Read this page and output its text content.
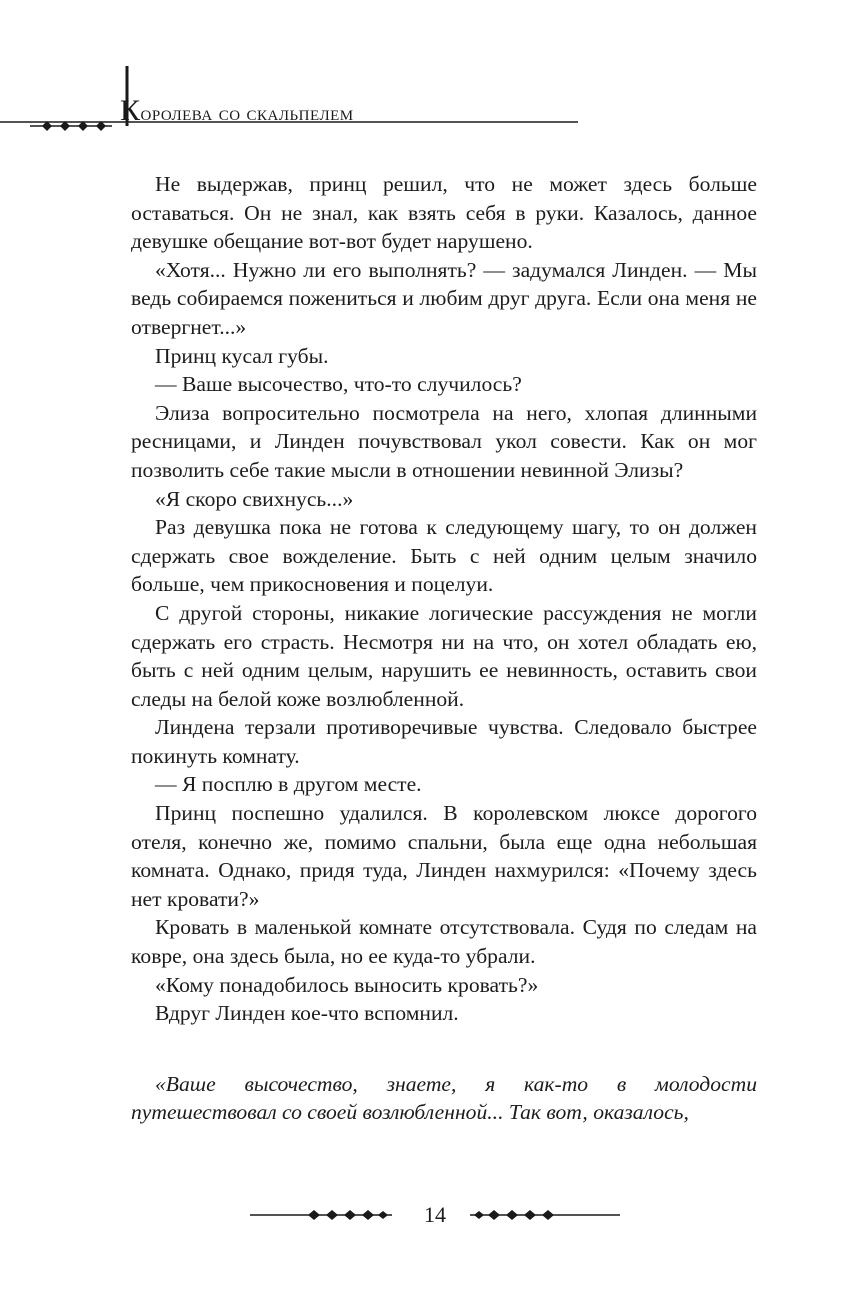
Королева со скальпелем

Не выдержав, принц решил, что не может здесь больше оставаться. Он не знал, как взять себя в руки. Казалось, данное девушке обещание вот-вот будет нарушено.

«Хотя... Нужно ли его выполнять? — задумался Линден. — Мы ведь собираемся пожениться и любим друг друга. Если она меня не отвергнет...»

Принц кусал губы.

— Ваше высочество, что-то случилось?

Элиза вопросительно посмотрела на него, хлопая длинными ресницами, и Линден почувствовал укол совести. Как он мог позволить себе такие мысли в отношении невинной Элизы?

«Я скоро свихнусь...»

Раз девушка пока не готова к следующему шагу, то он должен сдержать свое вожделение. Быть с ней одним целым значило больше, чем прикосновения и поцелуи.

С другой стороны, никакие логические рассуждения не могли сдержать его страсть. Несмотря ни на что, он хотел обладать ею, быть с ней одним целым, нарушить ее невинность, оставить свои следы на белой коже возлюбленной.

Линдена терзали противоречивые чувства. Следовало быстрее покинуть комнату.

— Я посплю в другом месте.

Принц поспешно удалился. В королевском люксе дорогого отеля, конечно же, помимо спальни, была еще одна небольшая комната. Однако, придя туда, Линден нахмурился: «Почему здесь нет кровати?»

Кровать в маленькой комнате отсутствовала. Судя по следам на ковре, она здесь была, но ее куда-то убрали.

«Кому понадобилось выносить кровать?»

Вдруг Линден кое-что вспомнил.

«Ваше высочество, знаете, я как-то в молодости путешествовал со своей возлюбленной... Так вот, оказалось,

14
